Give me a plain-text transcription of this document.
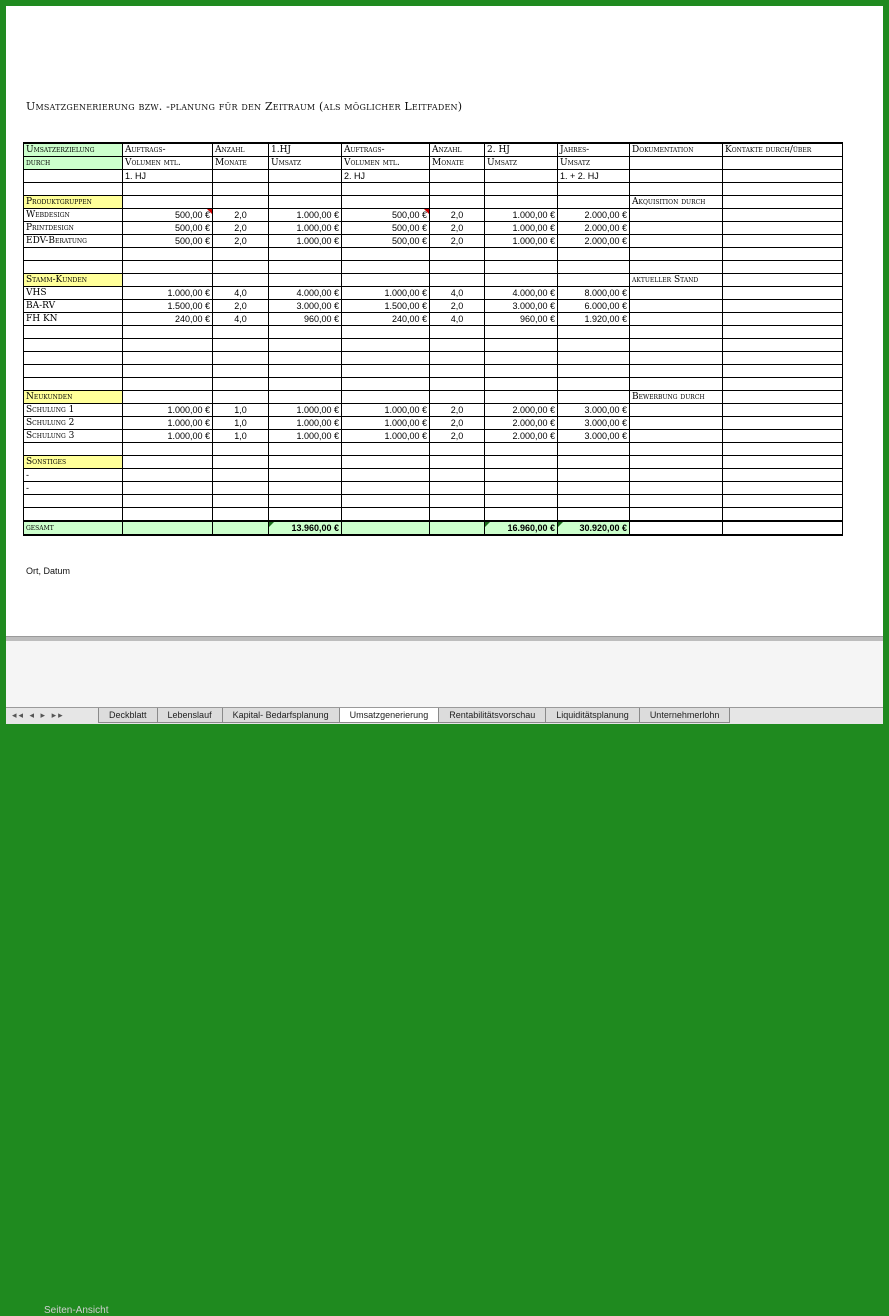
Umsatzgenerierung bzw. -planung für den Zeitraum (als möglicher Leitfaden)
Umsatzerzielung	Auftrags-	Anzahl	1.HJ	Auftrags-	Anzahl	2. HJ	Jahres-	Dokumentation	Kontakte durch/über
durch	Volumen mtl.	Monate	Umsatz	Volumen mtl.	Monate	Umsatz	Umsatz		
	1. HJ			2. HJ			1. + 2. HJ		

Produktgruppen								Akquisition durch	
Webdesign	500,00 €	2,0	1.000,00 €	500,00 €	2,0	1.000,00 €	2.000,00 €		
Printdesign	500,00 €	2,0	1.000,00 €	500,00 €	2,0	1.000,00 €	2.000,00 €		
EDV-Beratung	500,00 €	2,0	1.000,00 €	500,00 €	2,0	1.000,00 €	2.000,00 €		

Stamm-Kunden								aktueller Stand	
VHS	1.000,00 €	4,0	4.000,00 €	1.000,00 €	4,0	4.000,00 €	8.000,00 €		
BA-RV	1.500,00 €	2,0	3.000,00 €	1.500,00 €	2,0	3.000,00 €	6.000,00 €		
FH KN	240,00 €	4,0	960,00 €	240,00 €	4,0	960,00 €	1.920,00 €		

Neukunden								Bewerbung durch	
Schulung 1	1.000,00 €	1,0	1.000,00 €	1.000,00 €	2,0	2.000,00 €	3.000,00 €		
Schulung 2	1.000,00 €	1,0	1.000,00 €	1.000,00 €	2,0	2.000,00 €	3.000,00 €		
Schulung 3	1.000,00 €	1,0	1.000,00 €	1.000,00 €	2,0	2.000,00 €	3.000,00 €		

Sonstiges									
-									
-									

gesamt			13.960,00 €			16.960,00 €	30.920,00 €		
Ort, Datum
Seiten-Ansicht
◂◂ ◂ ▸ ▸▸	Deckblatt	Lebenslauf	Kapital- Bedarfsplanung	Umsatzgenerierung	Rentabilitätsvorschau	Liquiditätsplanung	Unternehmerlohn
